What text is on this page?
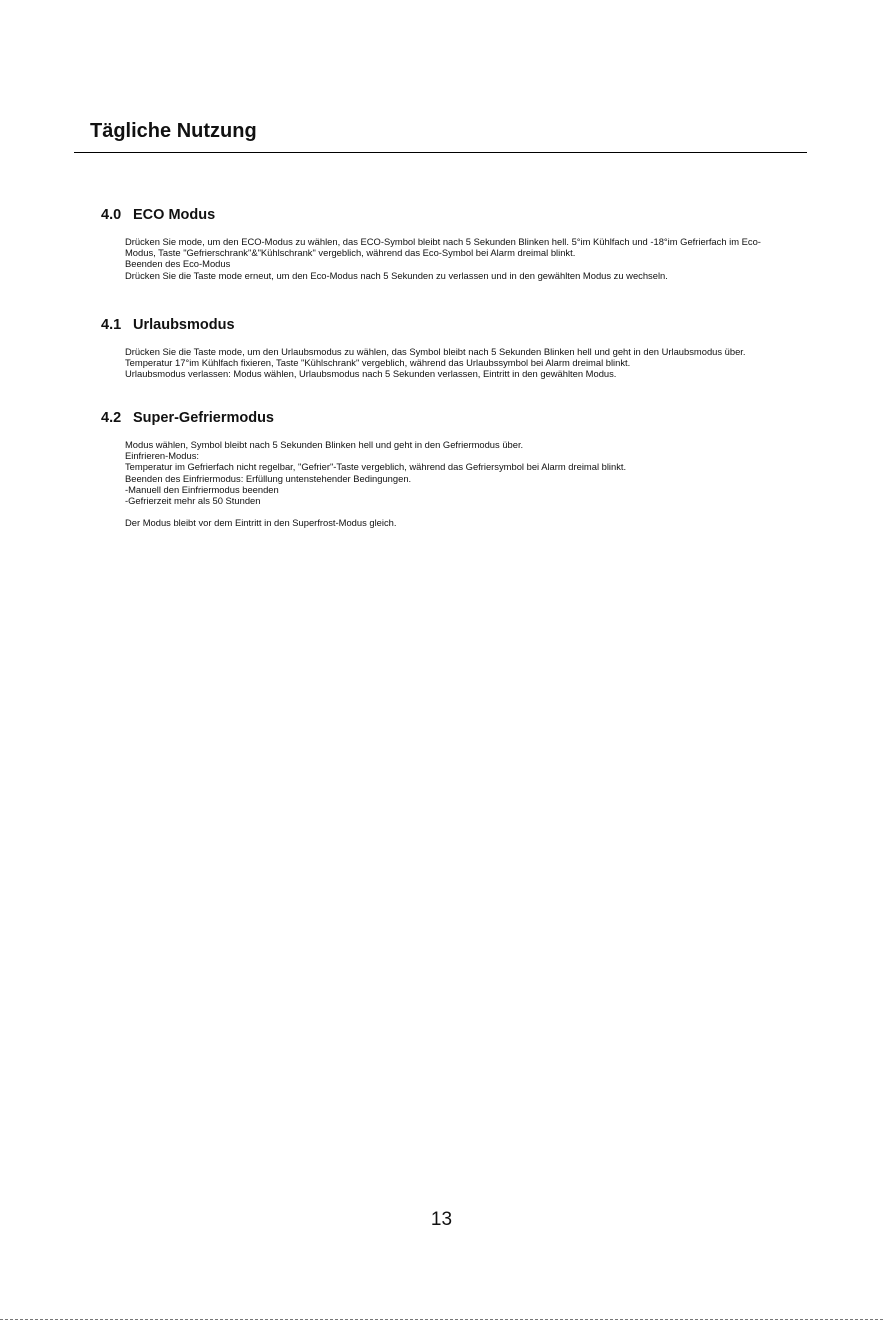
Tägliche Nutzung
4.0 ECO Modus

Drücken Sie mode, um den ECO-Modus zu wählen, das ECO-Symbol bleibt nach 5 Sekunden Blinken hell. 5°im Kühlfach und -18°im Gefrierfach im Eco-Modus, Taste "Gefrierschrank"&"Kühlschrank" vergeblich, während das Eco-Symbol bei Alarm dreimal blinkt.

Beenden des Eco-Modus

Drücken Sie die Taste mode erneut, um den Eco-Modus nach 5 Sekunden zu verlassen und in den gewählten Modus zu wechseln.

4.1 Urlaubsmodus

Drücken Sie die Taste mode, um den Urlaubsmodus zu wählen, das Symbol bleibt nach 5 Sekunden Blinken hell und geht in den Urlaubsmodus über.

Temperatur 17°im Kühlfach fixieren, Taste "Kühlschrank" vergeblich, während das Urlaubssymbol bei Alarm dreimal blinkt.

Urlaubsmodus verlassen: Modus wählen, Urlaubsmodus nach 5 Sekunden verlassen, Eintritt in den gewählten Modus.

4.2 Super-Gefriermodus

Modus wählen, Symbol bleibt nach 5 Sekunden Blinken hell und geht in den Gefriermodus über.

Einfrieren-Modus:

Temperatur im Gefrierfach nicht regelbar, "Gefrier"-Taste vergeblich, während das Gefriersymbol bei Alarm dreimal blinkt.

Beenden des Einfriermodus: Erfüllung untenstehender Bedingungen.

-Manuell den Einfriermodus beenden

-Gefrierzeit mehr als 50 Stunden

Der Modus bleibt vor dem Eintritt in den Superfrost-Modus gleich.

13
